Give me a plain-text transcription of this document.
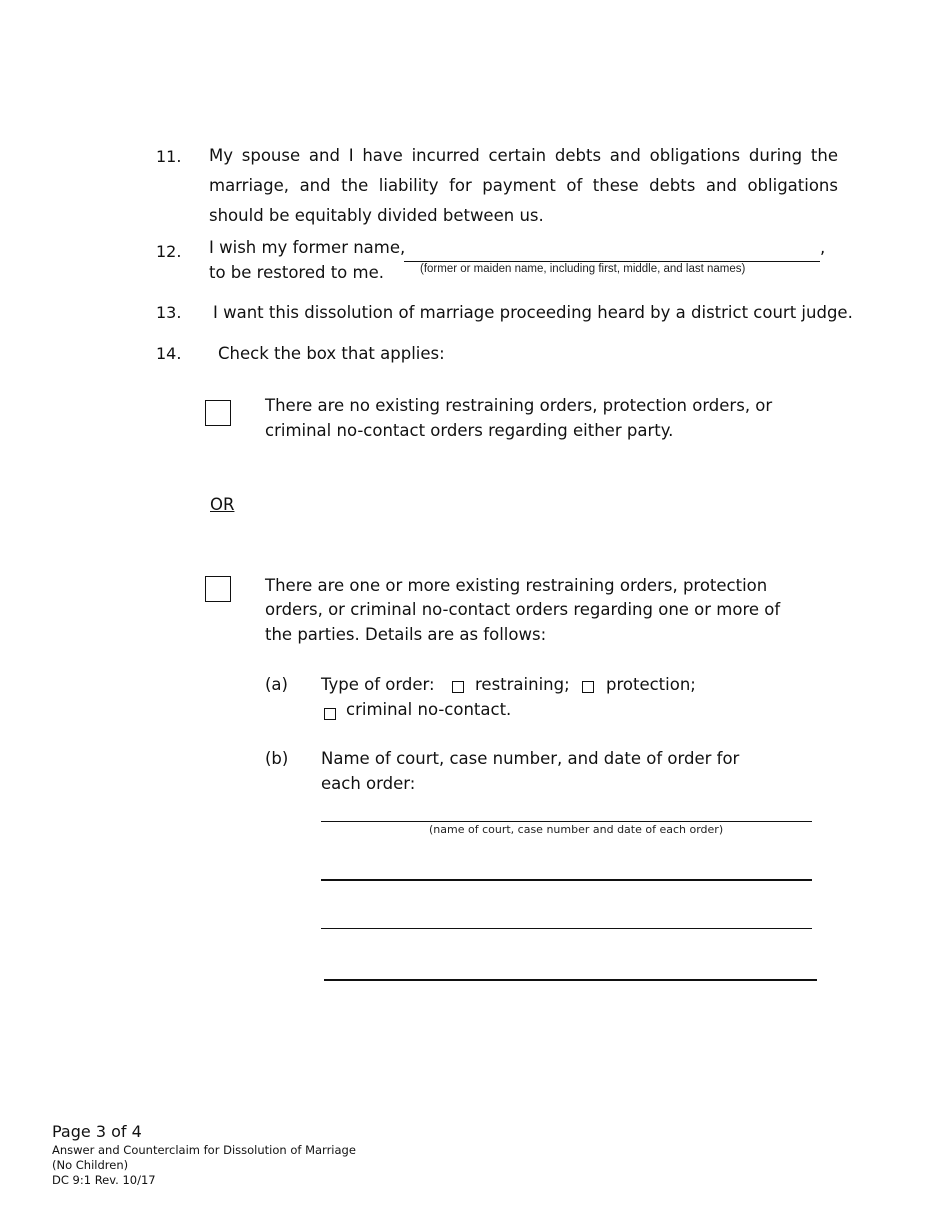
11. My spouse and I have incurred certain debts and obligations during the marriage, and the liability for payment of these debts and obligations should be equitably divided between us.
12. I wish my former name,	,
to be restored to me.	(former or maiden name, including first, middle, and last names)
13. I want this dissolution of marriage proceeding heard by a district court judge.
14. Check the box that applies:
There are no existing restraining orders, protection orders, or
criminal no-contact orders regarding either party.
OR
There are one or more existing restraining orders, protection
orders, or criminal no-contact orders regarding one or more of
the parties. Details are as follows:
(a) Type of order: restraining; protection;
criminal no-contact.
(b) Name of court, case number, and date of order for
each order:
(name of court, case number and date of each order)
Page 3 of 4
Answer and Counterclaim for Dissolution of Marriage
(No Children)
DC 9:1 Rev. 10/17
